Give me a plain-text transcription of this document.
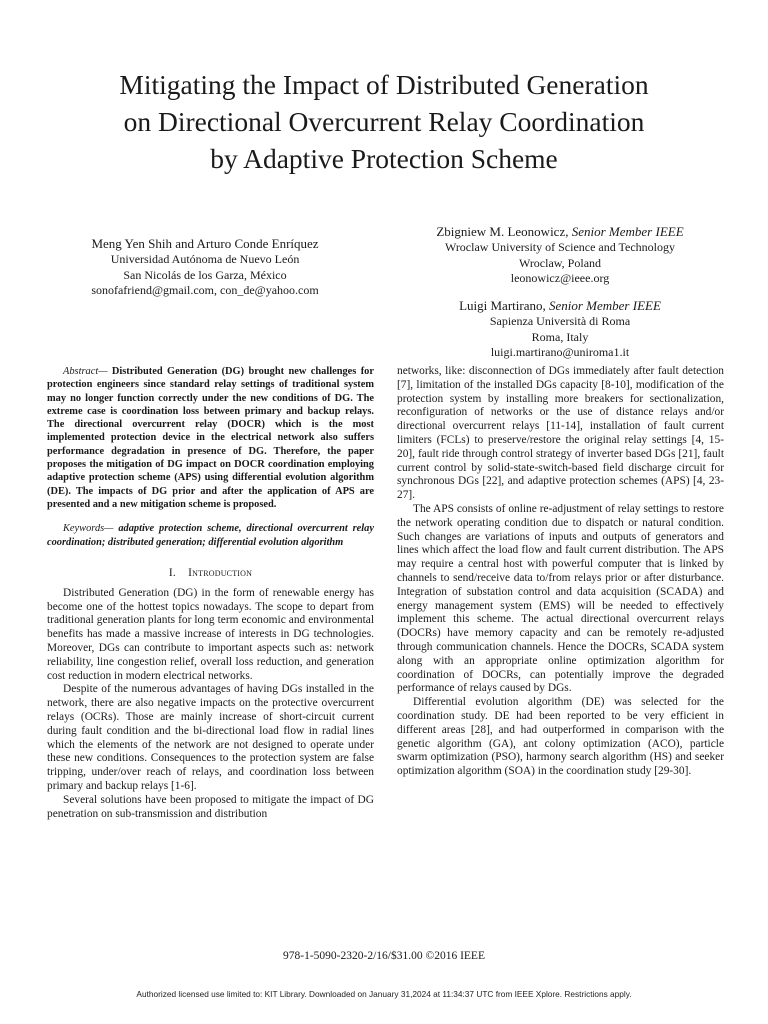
Mitigating the Impact of Distributed Generation
on Directional Overcurrent Relay Coordination
by Adaptive Protection Scheme
Meng Yen Shih and Arturo Conde Enríquez
Universidad Autónoma de Nuevo León
San Nicolás de los Garza, México
sonofafriend@gmail.com, con_de@yahoo.com
Zbigniew M. Leonowicz, Senior Member IEEE
Wroclaw University of Science and Technology
Wroclaw, Poland
leonowicz@ieee.org
Luigi Martirano, Senior Member IEEE
Sapienza Università di Roma
Roma, Italy
luigi.martirano@uniroma1.it

Abstract— Distributed Generation (DG) brought new challenges for protection engineers since standard relay settings of traditional system may no longer function correctly under the new conditions of DG. The extreme case is coordination loss between primary and backup relays. The directional overcurrent relay (DOCR) which is the most implemented protection device in the electrical network also suffers performance degradation in presence of DG. Therefore, the paper proposes the mitigation of DG impact on DOCR coordination employing adaptive protection scheme (APS) using differential evolution algorithm (DE). The impacts of DG prior and after the application of APS are presented and a new mitigation scheme is proposed.

Keywords— adaptive protection scheme, directional overcurrent relay coordination; distributed generation; differential evolution algorithm

I. Introduction

Distributed Generation (DG) in the form of renewable energy has become one of the hottest topics nowadays. The scope to depart from traditional generation plants for long term economic and environmental benefits has made a massive increase of interests in DG technologies. Moreover, DGs can contribute to important aspects such as: network reliability, line congestion relief, overall loss reduction, and generation cost reduction in modern electrical networks.

Despite of the numerous advantages of having DGs installed in the network, there are also negative impacts on the protective overcurrent relays (OCRs). Those are mainly increase of short-circuit current during fault condition and the bi-directional load flow in radial lines which the elements of the network are not designed to operate under these new conditions. Consequences to the protection system are false tripping, under/over reach of relays, and coordination loss between primary and backup relays [1-6].

Several solutions have been proposed to mitigate the impact of DG penetration on sub-transmission and distribution

networks, like: disconnection of DGs immediately after fault detection [7], limitation of the installed DGs capacity [8-10], modification of the protection system by installing more breakers for sectionalization, reconfiguration of networks or the use of distance relays and/or directional overcurrent relays [11-14], installation of fault current limiters (FCLs) to preserve/restore the original relay settings [4, 15-20], fault ride through control strategy of inverter based DGs [21], fault current control by solid-state-switch-based field discharge circuit for synchronous DGs [22], and adaptive protection schemes (APS) [4, 23-27].

The APS consists of online re-adjustment of relay settings to restore the network operating condition due to dispatch or natural condition. Such changes are variations of inputs and outputs of generators and lines which affect the load flow and fault current distribution. The APS may require a central host with powerful computer that is linked by channels to send/receive data to/from relays prior or after disturbance. Integration of substation control and data acquisition (SCADA) and energy management system (EMS) will be needed to effectively implement this scheme. The actual directional overcurrent relays (DOCRs) have memory capacity and can be remotely re-adjusted through communication channels. Hence the DOCRs, SCADA system along with an appropriate online optimization algorithm for coordination of DOCRs, can potentially improve the degraded performance of relays caused by DGs.

Differential evolution algorithm (DE) was selected for the coordination study. DE had been reported to be very efficient in different areas [28], and had outperformed in comparison with the genetic algorithm (GA), ant colony optimization (ACO), particle swarm optimization (PSO), harmony search algorithm (HS) and seeker optimization algorithm (SOA) in the coordination study [29-30].

978-1-5090-2320-2/16/$31.00 ©2016 IEEE
Authorized licensed use limited to: KIT Library. Downloaded on January 31,2024 at 11:34:37 UTC from IEEE Xplore. Restrictions apply.
